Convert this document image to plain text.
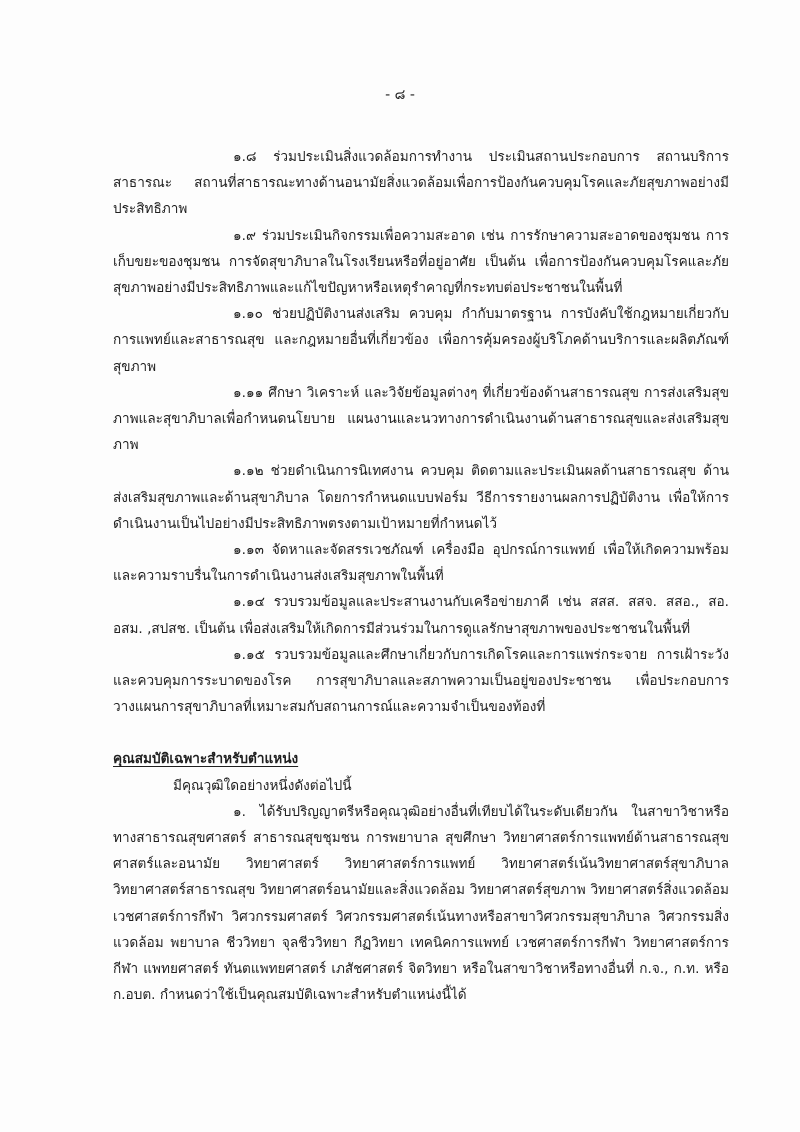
- ๘ -

๑.๘ ร่วมประเมินสิ่งแวดล้อมการทำงาน ประเมินสถานประกอบการ สถานบริการสาธารณะ สถานที่สาธารณะทางด้านอนามัยสิ่งแวดล้อมเพื่อการป้องกันควบคุมโรคและภัยสุขภาพอย่างมีประสิทธิภาพ

๑.๙ ร่วมประเมินกิจกรรมเพื่อความสะอาด เช่น การรักษาความสะอาดของชุมชน การเก็บขยะของชุมชน การจัดสุขาภิบาลในโรงเรียนหรือที่อยู่อาศัย เป็นต้น เพื่อการป้องกันควบคุมโรคและภัยสุขภาพอย่างมีประสิทธิภาพและแก้ไขปัญหาหรือเหตุรำคาญที่กระทบต่อประชาชนในพื้นที่

๑.๑๐ ช่วยปฏิบัติงานส่งเสริม ควบคุม กำกับมาตรฐาน การบังคับใช้กฎหมายเกี่ยวกับการแพทย์และสาธารณสุข และกฎหมายอื่นที่เกี่ยวข้อง เพื่อการคุ้มครองผู้บริโภคด้านบริการและผลิตภัณฑ์สุขภาพ

๑.๑๑ ศึกษา วิเคราะห์ และวิจัยข้อมูลต่างๆ ที่เกี่ยวข้องด้านสาธารณสุข การส่งเสริมสุขภาพและสุขาภิบาลเพื่อกำหนดนโยบาย แผนงานและนวทางการดำเนินงานด้านสาธารณสุขและส่งเสริมสุขภาพ

๑.๑๒ ช่วยดำเนินการนิเทศงาน ควบคุม ติดตามและประเมินผลด้านสาธารณสุข ด้านส่งเสริมสุขภาพและด้านสุขาภิบาล โดยการกำหนดแบบฟอร์ม วีธีการรายงานผลการปฏิบัติงาน เพื่อให้การดำเนินงานเป็นไปอย่างมีประสิทธิภาพตรงตามเป้าหมายที่กำหนดไว้

๑.๑๓ จัดหาและจัดสรรเวชภัณฑ์ เครื่องมือ อุปกรณ์การแพทย์ เพื่อให้เกิดความพร้อมและความราบรื่นในการดำเนินงานส่งเสริมสุขภาพในพื้นที่

๑.๑๔ รวบรวมข้อมูลและประสานงานกับเครือข่ายภาคี เช่น สสส. สสจ. สสอ., สอ. อสม. ,สปสช. เป็นต้น เพื่อส่งเสริมให้เกิดการมีส่วนร่วมในการดูแลรักษาสุขภาพของประชาชนในพื้นที่

๑.๑๕ รวบรวมข้อมูลและศึกษาเกี่ยวกับการเกิดโรคและการแพร่กระจาย การเฝ้าระวังและควบคุมการระบาดของโรค การสุขาภิบาลและสภาพความเป็นอยู่ของประชาชน เพื่อประกอบการวางแผนการสุขาภิบาลที่เหมาะสมกับสถานการณ์และความจำเป็นของท้องที่

คุณสมบัติเฉพาะสำหรับตำแหน่ง

มีคุณวุฒิใดอย่างหนึ่งดังต่อไปนี้

๑. ได้รับปริญญาตรีหรือคุณวุฒิอย่างอื่นที่เทียบได้ในระดับเดียวกัน ในสาขาวิชาหรือทางสาธารณสุขศาสตร์ สาธารณสุขชุมชน การพยาบาล สุขศึกษา วิทยาศาสตร์การแพทย์ด้านสาธารณสุขศาสตร์และอนามัย วิทยาศาสตร์ วิทยาศาสตร์การแพทย์ วิทยาศาสตร์เน้นวิทยาศาสตร์สุขาภิบาล วิทยาศาสตร์สาธารณสุข วิทยาศาสตร์อนามัยและสิ่งแวดล้อม วิทยาศาสตร์สุขภาพ วิทยาศาสตร์สิ่งแวดล้อม เวชศาสตร์การกีฬา วิศวกรรมศาสตร์ วิศวกรรมศาสตร์เน้นทางหรือสาขาวิศวกรรมสุขาภิบาล วิศวกรรมสิ่งแวดล้อม พยาบาล ชีววิทยา จุลชีววิทยา กีฏวิทยา เทคนิคการแพทย์ เวชศาสตร์การกีฬา วิทยาศาสตร์การกีฬา แพทยศาสตร์ ทันตแพทยศาสตร์ เภสัชศาสตร์ จิตวิทยา หรือในสาขาวิชาหรือทางอื่นที่ ก.จ., ก.ท. หรือ ก.อบต. กำหนดว่าใช้เป็นคุณสมบัติเฉพาะสำหรับตำแหน่งนี้ได้
